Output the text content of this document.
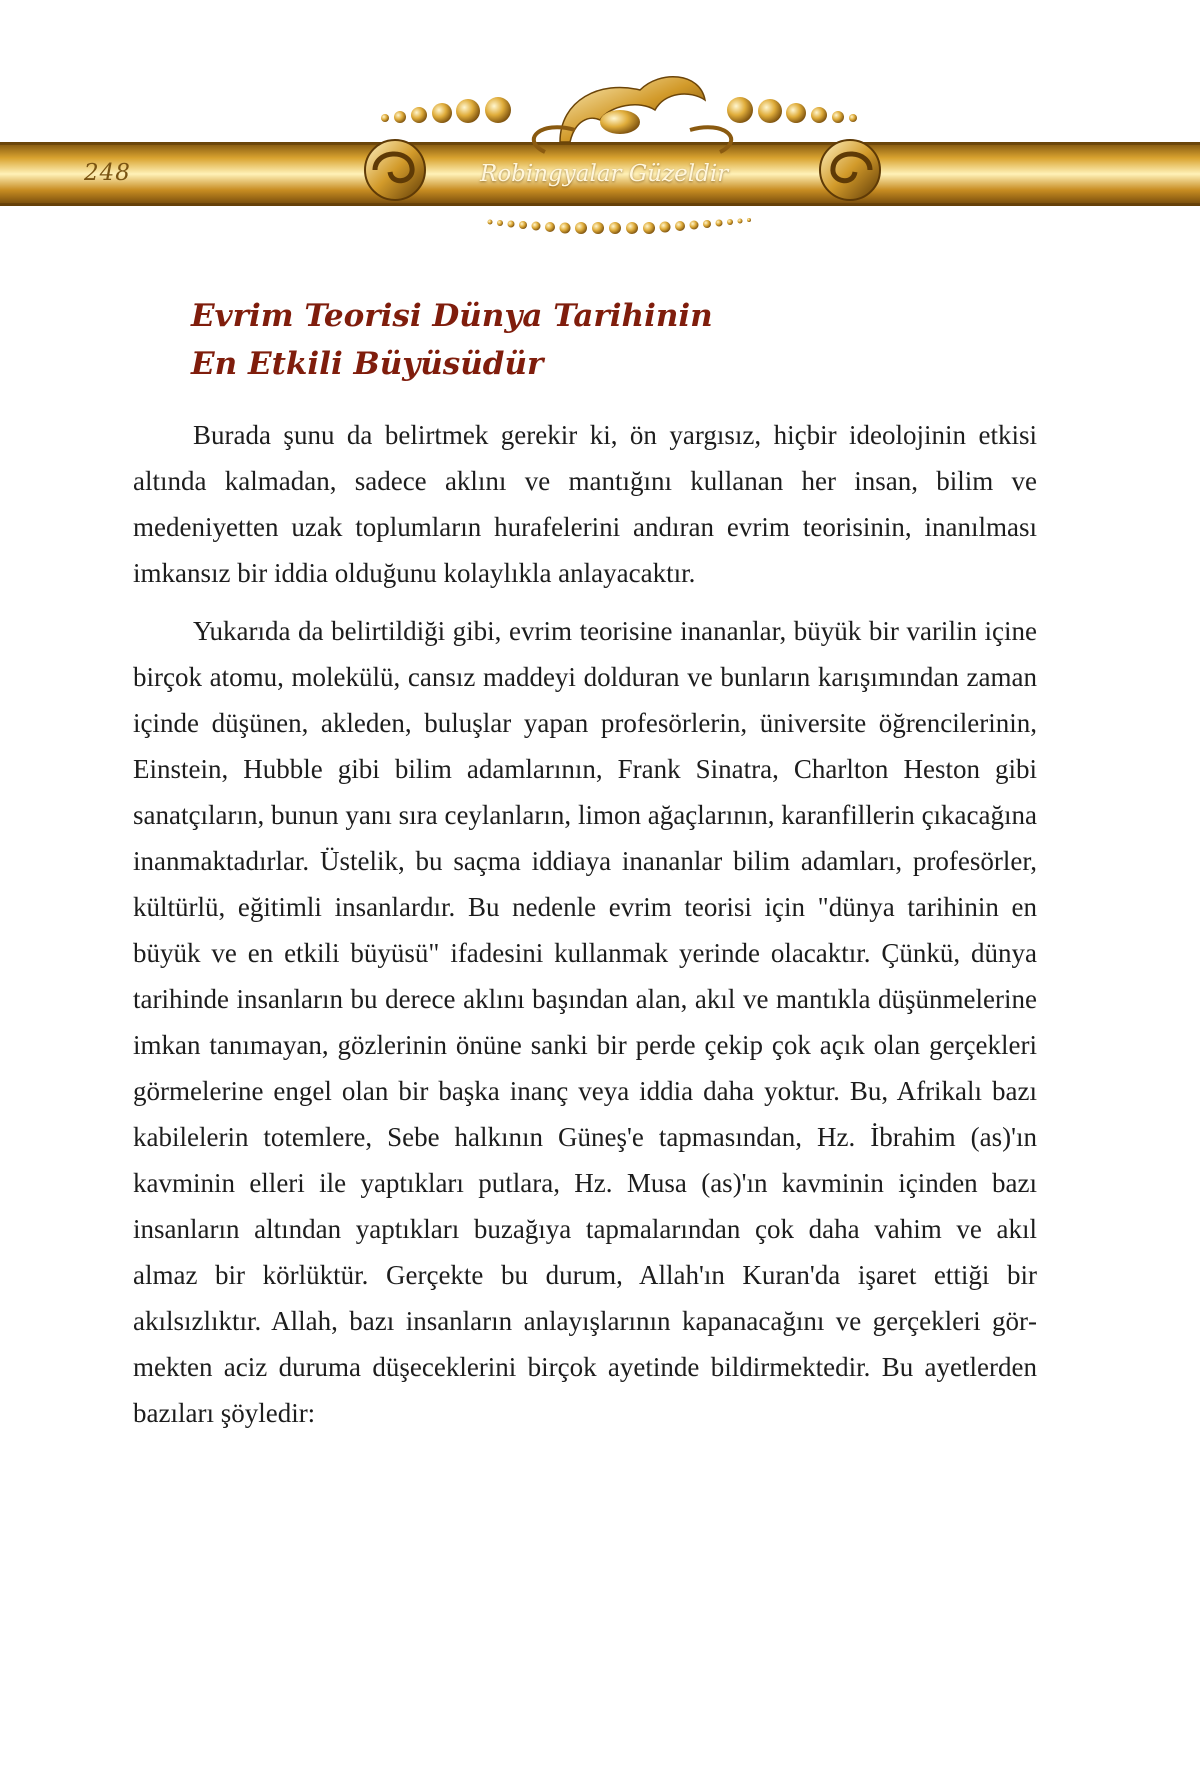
248	Robingyalar Güzeldir
Evrim Teorisi Dünya Tarihinin
En Etkili Büyüsüdür

Burada şunu da belirtmek gerekir ki, ön yargısız, hiçbir ideolojinin etkisi altında kalmadan, sadece aklını ve mantığını kullanan her insan, bilim ve medeniyetten uzak toplumların hurafelerini andıran evrim teorisinin, inanılması imkansız bir iddia olduğunu kolaylıkla anlayacaktır.

Yukarıda da belirtildiği gibi, evrim teorisine inananlar, büyük bir varilin içine birçok atomu, molekülü, cansız maddeyi dolduran ve bunların karışımından zaman içinde düşünen, akleden, buluşlar yapan profesörlerin, üniversite öğrencilerinin, Einstein, Hubble gibi bilim adamlarının, Frank Sinatra, Charlton Heston gibi sanatçıların, bunun yanı sıra ceylanların, limon ağaçlarının, karanfillerin çıkacağına inanmaktadırlar. Üstelik, bu saçma iddiaya inananlar bilim adamları, profesörler, kültürlü, eğitimli insanlardır. Bu nedenle evrim teorisi için "dünya tarihinin en büyük ve en etkili büyüsü" ifadesini kullanmak yerinde olacaktır. Çünkü, dünya tarihinde insanların bu derece aklını başından alan, akıl ve mantıkla düşünmelerine imkan tanımayan, gözlerinin önüne sanki bir perde çekip çok açık olan gerçekleri görmelerine engel olan bir başka inanç veya iddia daha yoktur. Bu, Afrikalı bazı kabilelerin totemlere, Sebe halkının Güneş'e tapmasından, Hz. İbrahim (as)'ın kavminin elleri ile yaptıkları putlara, Hz. Musa (as)'ın kavminin içinden bazı insanların altından yaptıkları buzağıya tapmalarından çok daha vahim ve akıl almaz bir körlüktür. Gerçekte bu durum, Allah'ın Kuran'da işaret ettiği bir akılsızlıktır. Allah, bazı insanların anlayışlarının kapanacağını ve gerçekleri görmekten aciz duruma düşeceklerini birçok ayetinde bildirmektedir. Bu ayetlerden bazıları şöyledir:
